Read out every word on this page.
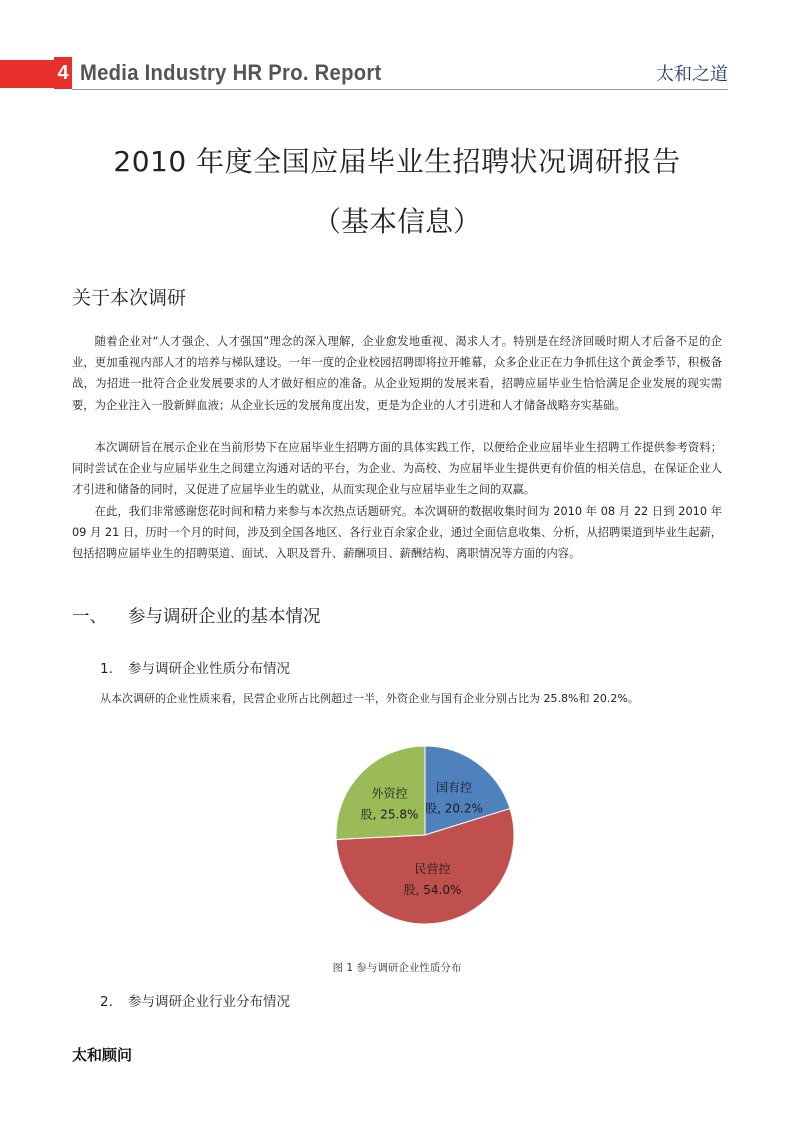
4 Media Industry HR Pro. Report	太和之道
2010 年度全国应届毕业生招聘状况调研报告
（基本信息）
关于本次调研

随着企业对“人才强企、人才强国”理念的深入理解，企业愈发地重视、渴求人才。特别是在经济回暖时期人才后备不足的企业，更加重视内部人才的培养与梯队建设。一年一度的企业校园招聘即将拉开帷幕，众多企业正在力争抓住这个黄金季节，积极备战，为招进一批符合企业发展要求的人才做好相应的准备。从企业短期的发展来看，招聘应届毕业生恰恰满足企业发展的现实需要，为企业注入一股新鲜血液；从企业长远的发展角度出发，更是为企业的人才引进和人才储备战略夯实基础。

本次调研旨在展示企业在当前形势下在应届毕业生招聘方面的具体实践工作，以便给企业应届毕业生招聘工作提供参考资料；同时尝试在企业与应届毕业生之间建立沟通对话的平台，为企业、为高校、为应届毕业生提供更有价值的相关信息，在保证企业人才引进和储备的同时，又促进了应届毕业生的就业，从而实现企业与应届毕业生之间的双赢。

在此，我们非常感谢您花时间和精力来参与本次热点话题研究。本次调研的数据收集时间为 2010 年 08 月 22 日到 2010 年 09 月 21 日，历时一个月的时间，涉及到全国各地区、各行业百余家企业，通过全面信息收集、分析，从招聘渠道到毕业生起薪，包括招聘应届毕业生的招聘渠道、面试、入职及晋升、薪酬项目、薪酬结构、离职情况等方面的内容。

一、 参与调研企业的基本情况
1. 参与调研企业性质分布情况
从本次调研的企业性质来看，民营企业所占比例超过一半，外资企业与国有企业分别占比为 25.8%和 20.2%。
国有控股, 20.2%
民营控股, 54.0%
外资控股, 25.8%
图 1 参与调研企业性质分布
2. 参与调研企业行业分布情况
太和顾问
